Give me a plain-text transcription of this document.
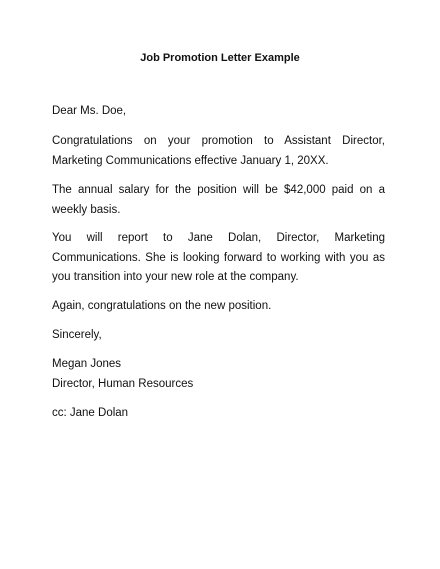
Job Promotion Letter Example

Dear Ms. Doe,

Congratulations on your promotion to Assistant Director,
Marketing Communications effective January 1, 20XX.
The annual salary for the position will be $42,000 paid on a
weekly basis.
You will report to Jane Dolan, Director, Marketing
Communications. She is looking forward to working with you as
you transition into your new role at the company.

Again, congratulations on the new position.

Sincerely,

Megan Jones
Director, Human Resources

cc: Jane Dolan
